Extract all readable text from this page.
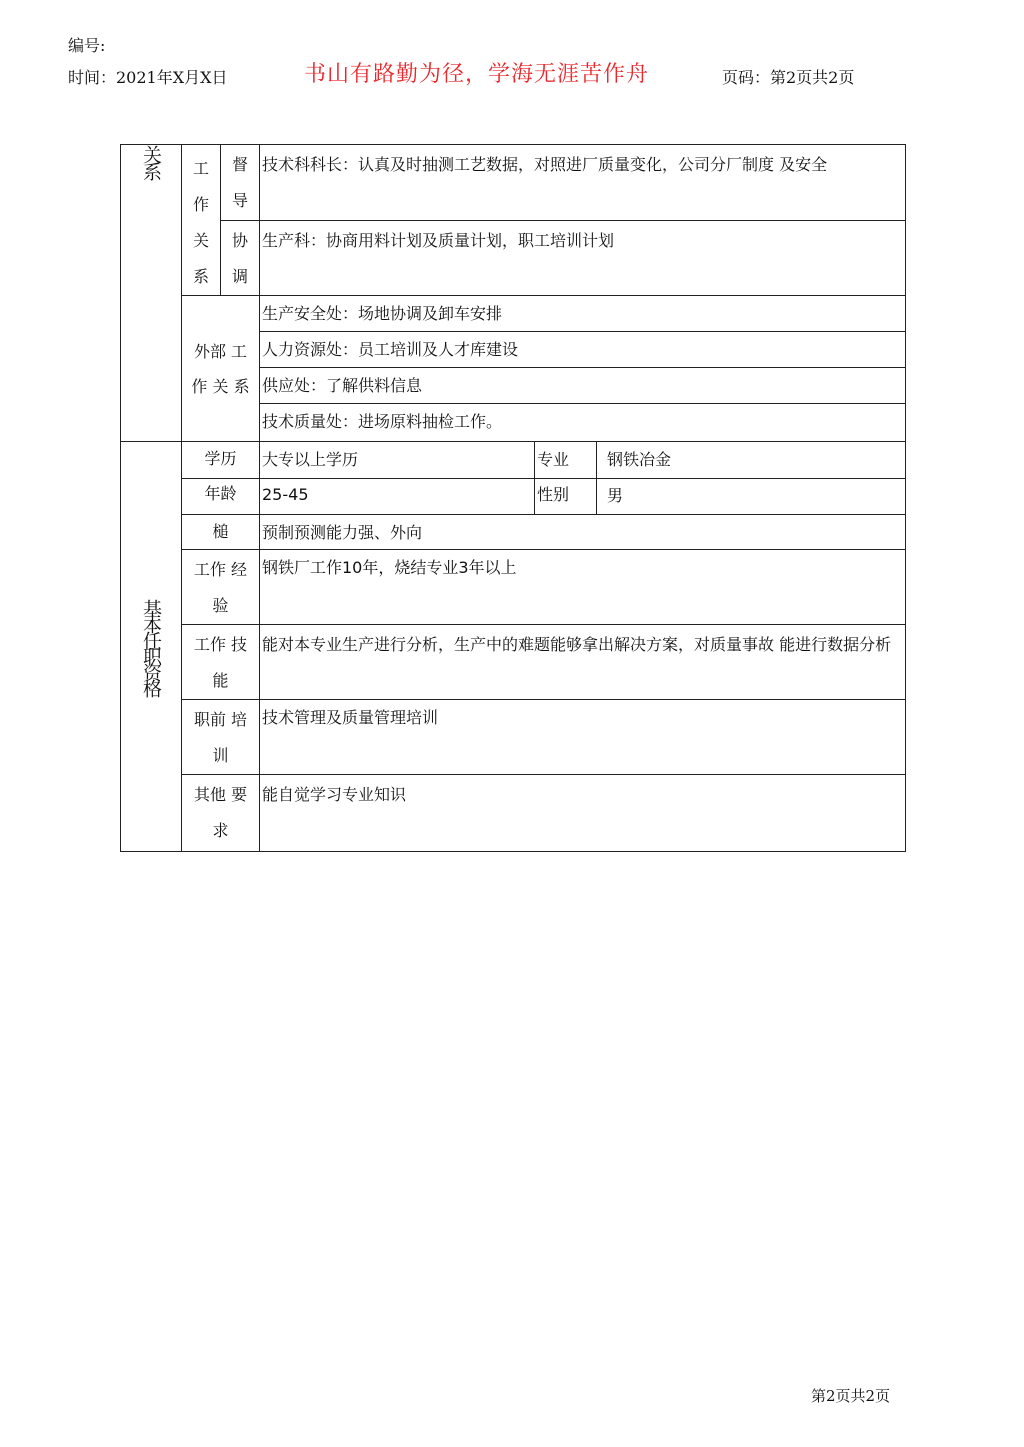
编号:
时间：2021年X月X日	书山有路勤为径，学海无涯苦作舟	页码：第2页共2页
关系	工 作 关 系	督 导	技术科科长：认真及时抽测工艺数据，对照进厂质量变化，公司分厂制度 及安全		

		协 调	生产科：协商用料计划及质量计划，职工培训计划		

	外部 工作 关 系		生产安全处：场地协调及卸车安排		

			人力资源处：员工培训及人才库建设		

			供应处：了解供料信息		

			技术质量处：进场原料抽检工作。		

基本任职资格	学历		大专以上学历	专业	钢铁冶金

	年龄		25-45	性别	男

	槌		预制预测能力强、外向		

	工作 经 验		钢铁厂工作10年，烧结专业3年以上		

	工作 技能		能对本专业生产进行分析，生产中的难题能够拿出解决方案，对质量事故 能进行数据分析		

	职前 培 训		技术管理及质量管理培训		

	其他 要求		能自觉学习专业知识		
第2页共2页
